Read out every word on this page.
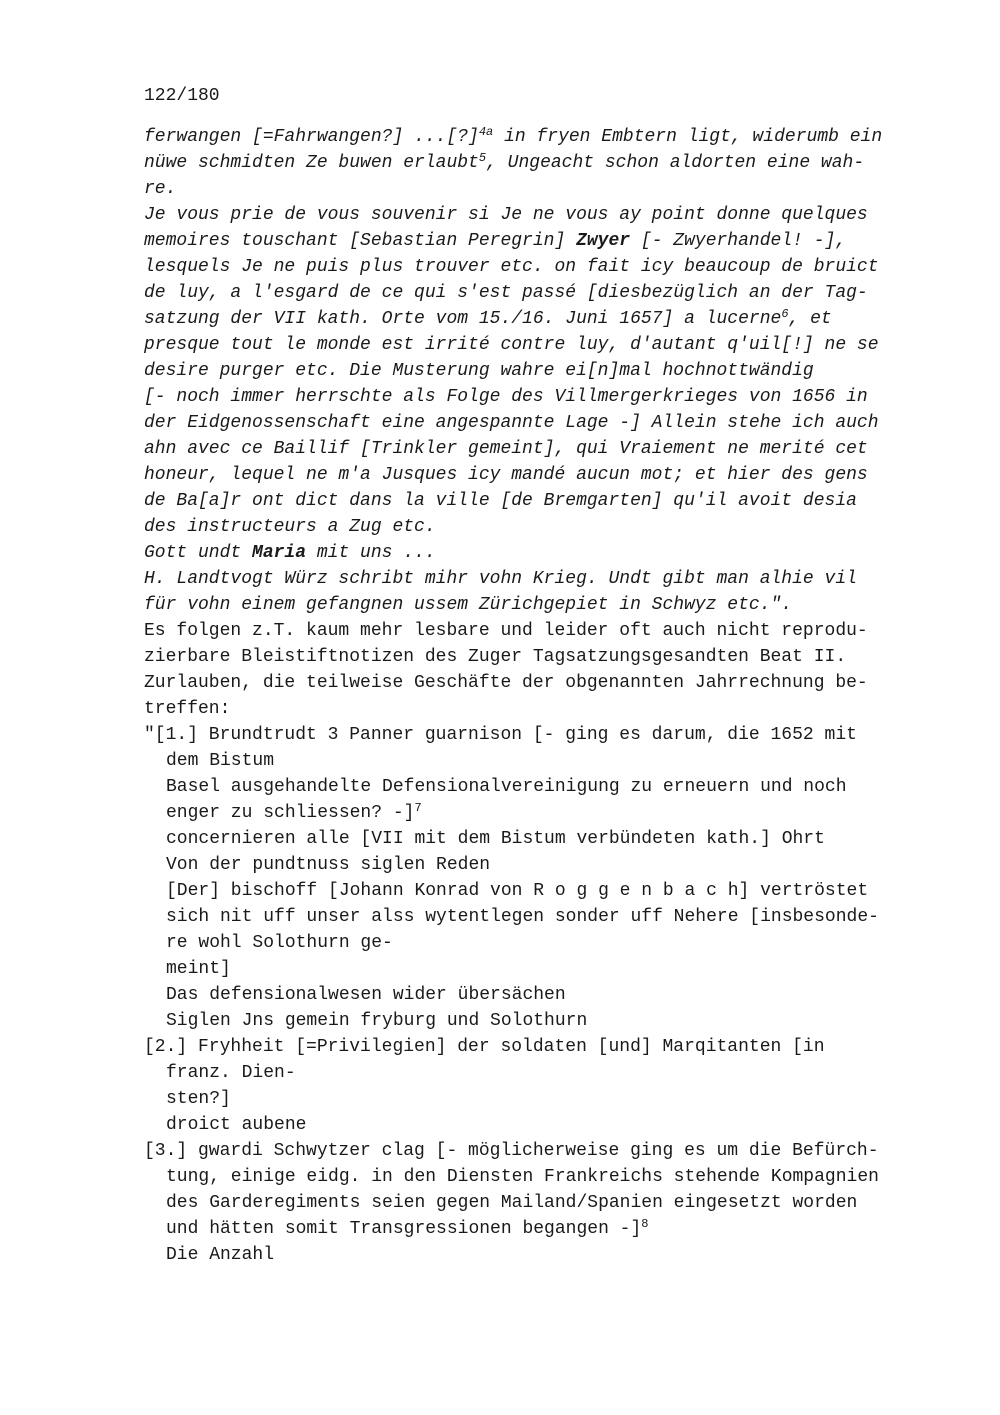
122/180
ferwangen [=Fahrwangen?] ...[?]$^{4a}$ in fryen Embtern ligt, widerumb ein
nüwe schmidten Ze buwen erlaubt$^5$, Ungeacht schon aldorten eine wah-
re.
Je vous prie de vous souvenir si Je ne vous ay point donne quelques
memoires touschant [Sebastian Peregrin] Zwyer [- Zwyerhandel! -],
lesquels Je ne puis plus trouver etc. on fait icy beaucoup de bruict
de luy, a l'esgard de ce qui s'est passé [diesbezüglich an der Tag-
satzung der VII kath. Orte vom 15./16. Juni 1657] a lucerne$^6$, et
presque tout le monde est irrité contre luy, d'autant q'uil[!] ne se
desire purger etc. Die Musterung wahre ei[n]mal hochnottwändig
[- noch immer herrschte als Folge des Villmergerkrieges von 1656 in
der Eidgenossenschaft eine angespannte Lage -] Allein stehe ich auch
ahn avec ce Baillif [Trinkler gemeint], qui Vraiement ne merité cet
honeur, lequel ne m'a Jusques icy mandé aucun mot; et hier des gens
de Ba[a]r ont dict dans la ville [de Bremgarten] qu'il avoit desia
des instructeurs a Zug etc.
Gott undt Maria mit uns ...
H. Landtvogt Würz schribt mihr vohn Krieg. Undt gibt man alhie vil
für vohn einem gefangnen ussem Zürichgepiet in Schwyz etc.".
Es folgen z.T. kaum mehr lesbare und leider oft auch nicht reprodu-
zierbare Bleistiftnotizen des Zuger Tagsatzungsgesandten Beat II.
Zurlauben, die teilweise Geschäfte der obgenannten Jahrrechnung be-
treffen:
"[1.] Brundtrudt 3 Panner guarnison [- ging es darum, die 1652 mit
dem Bistum
Basel ausgehandelte Defensionalvereinigung zu erneuern und noch
enger zu schliessen? -]$^7$
concernieren alle [VII mit dem Bistum verbündeten kath.] Ohrt
Von der pundtnuss siglen Reden
[Der] bischoff [Johann Konrad von R o g g e n b a c h] vertröstet
sich nit uff unser alss wytentlegen sonder uff Nehere [insbesonde-
re wohl Solothurn ge-
meint]
Das defensionalwesen wider übersächen
Siglen Jns gemein fryburg und Solothurn
[2.] Fryhheit [=Privilegien] der soldaten [und] Marqitanten [in
franz. Dien-
sten?]
droict aubene
[3.] gwardi Schwytzer clag [- möglicherweise ging es um die Befürch-
tung, einige eidg. in den Diensten Frankreichs stehende Kompagnien
des Garderegiments seien gegen Mailand/Spanien eingesetzt worden
und hätten somit Transgressionen begangen -]$^8$
Die Anzahl
